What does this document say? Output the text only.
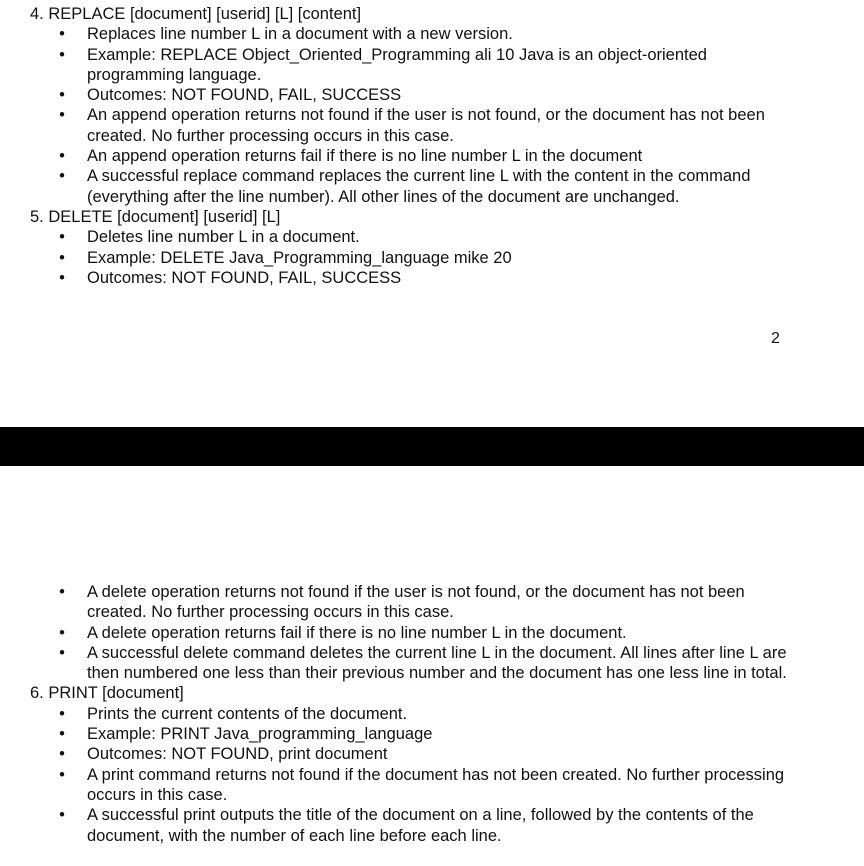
4. REPLACE [document] [userid] [L] [content]
• Replaces line number L in a document with a new version.
• Example: REPLACE Object_Oriented_Programming ali 10 Java is an object-oriented programming language.
• Outcomes: NOT FOUND, FAIL, SUCCESS
• An append operation returns not found if the user is not found, or the document has not been created. No further processing occurs in this case.
• An append operation returns fail if there is no line number L in the document
• A successful replace command replaces the current line L with the content in the command (everything after the line number). All other lines of the document are unchanged.
5. DELETE [document] [userid] [L]
• Deletes line number L in a document.
• Example: DELETE Java_Programming_language mike 20
• Outcomes: NOT FOUND, FAIL, SUCCESS
2
• A delete operation returns not found if the user is not found, or the document has not been created. No further processing occurs in this case.
• A delete operation returns fail if there is no line number L in the document.
• A successful delete command deletes the current line L in the document. All lines after line L are then numbered one less than their previous number and the document has one less line in total.
6. PRINT [document]
• Prints the current contents of the document.
• Example: PRINT Java_programming_language
• Outcomes: NOT FOUND, print document
• A print command returns not found if the document has not been created. No further processing occurs in this case.
• A successful print outputs the title of the document on a line, followed by the contents of the document, with the number of each line before each line.
